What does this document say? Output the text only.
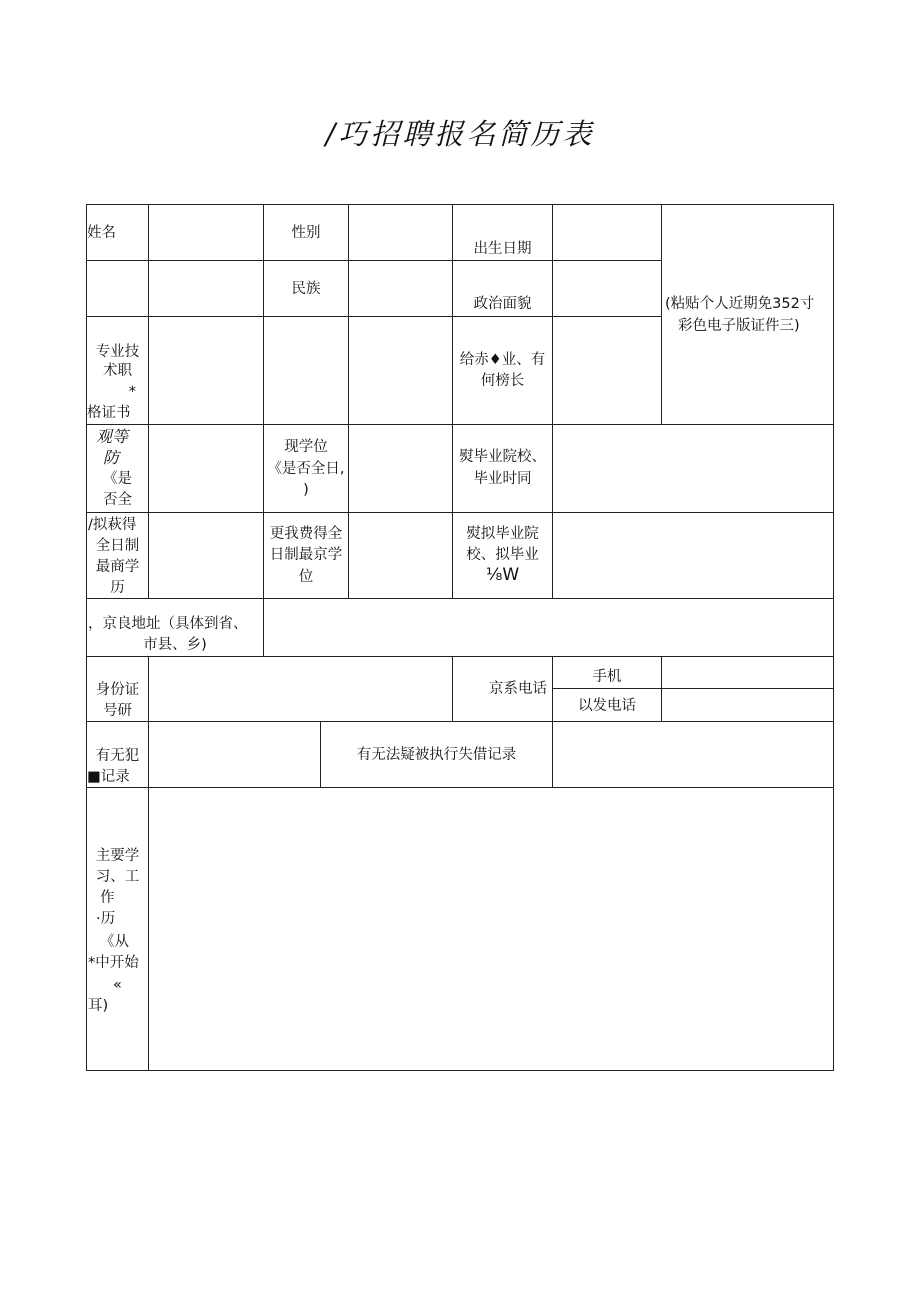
/巧招聘报名简历表
姓名	性别
出生日期
(粘贴个人近期免352寸
彩色电子版证件三)
民族
政治面貌
专业技
术职
*
格证书
给赤♦业、有
何榜长
观等
防
《是
否全
现学位
《是否全日,
)
熨毕业院校、
毕业时同
/拟萩得
全日制
最商学
历
更我费得全
日制最京学
位
熨拟毕业院
校、拟毕业
⅛W
，京良地址（具体到省、
市县、乡)
身份证
号研
京系电话
手机
以发电话
有无犯
■记录
有无法疑被执行失借记录
主要学
习、工
作
·历
《从
*中开始
«
耳)
